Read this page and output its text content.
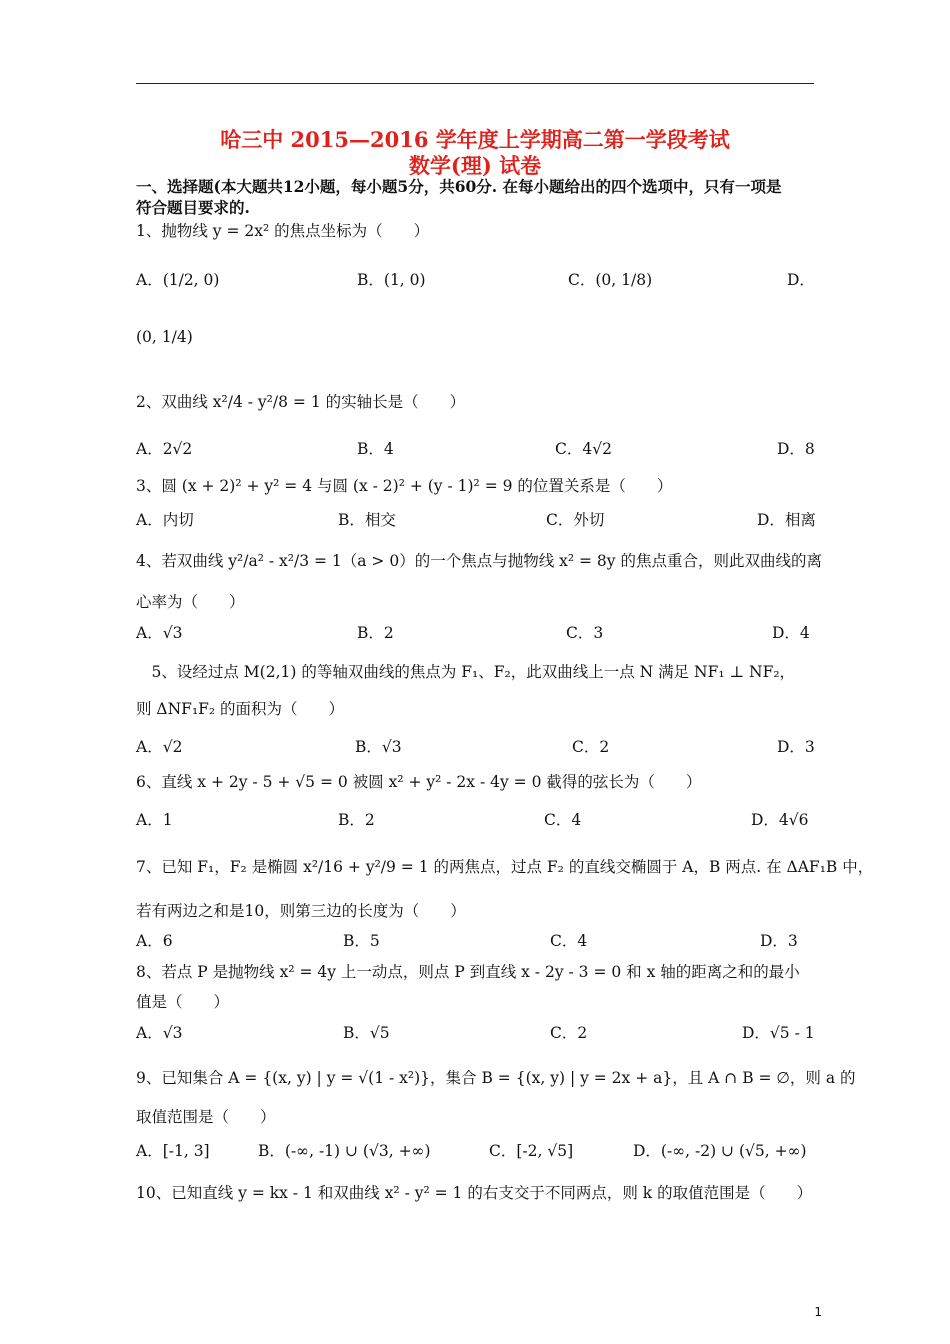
哈三中 2015—2016 学年度上学期高二第一学段考试
数学(理) 试卷
一、选择题(本大题共12小题，每小题5分，共60分. 在每小题给出的四个选项中，只有一项是
符合题目要求的.
1、抛物线 y = 2x² 的焦点坐标为（　　）
A．(1/2, 0)	B．(1, 0)	C．(0, 1/8)	D．
(0, 1/4)
2、双曲线 x²/4 - y²/8 = 1 的实轴长是（　　）
A．2√2	B．4	C．4√2	D．8
3、圆 (x + 2)² + y² = 4 与圆 (x - 2)² + (y - 1)² = 9 的位置关系是（　　）
A．内切	B．相交	C．外切	D．相离
4、若双曲线 y²/a² - x²/3 = 1（a > 0）的一个焦点与抛物线 x² = 8y 的焦点重合，则此双曲线的离
心率为（　　）
A．√3	B．2	C．3	D．4
　5、设经过点 M(2,1) 的等轴双曲线的焦点为 F₁、F₂，此双曲线上一点 N 满足 NF₁ ⊥ NF₂，
则 ΔNF₁F₂ 的面积为（　　）
A．√2	B．√3	C．2	D．3
6、直线 x + 2y - 5 + √5 = 0 被圆 x² + y² - 2x - 4y = 0 截得的弦长为（　　）
A．1	B．2	C．4	D．4√6
7、已知 F₁，F₂ 是椭圆 x²/16 + y²/9 = 1 的两焦点，过点 F₂ 的直线交椭圆于 A，B 两点. 在 ΔAF₁B 中，
若有两边之和是10，则第三边的长度为（　　）
A．6	B．5	C．4	D．3
8、若点 P 是抛物线 x² = 4y 上一动点，则点 P 到直线 x - 2y - 3 = 0 和 x 轴的距离之和的最小
值是（　　）
A．√3	B．√5	C．2	D．√5 - 1
9、已知集合 A = {(x, y) | y = √(1 - x²)}，集合 B = {(x, y) | y = 2x + a}，且 A ∩ B = ∅，则 a 的
取值范围是（　　）
A．[-1, 3]	B．(-∞, -1) ∪ (√3, +∞)	C．[-2, √5]	D．(-∞, -2) ∪ (√5, +∞)
10、已知直线 y = kx - 1 和双曲线 x² - y² = 1 的右支交于不同两点，则 k 的取值范围是（　　）
1
